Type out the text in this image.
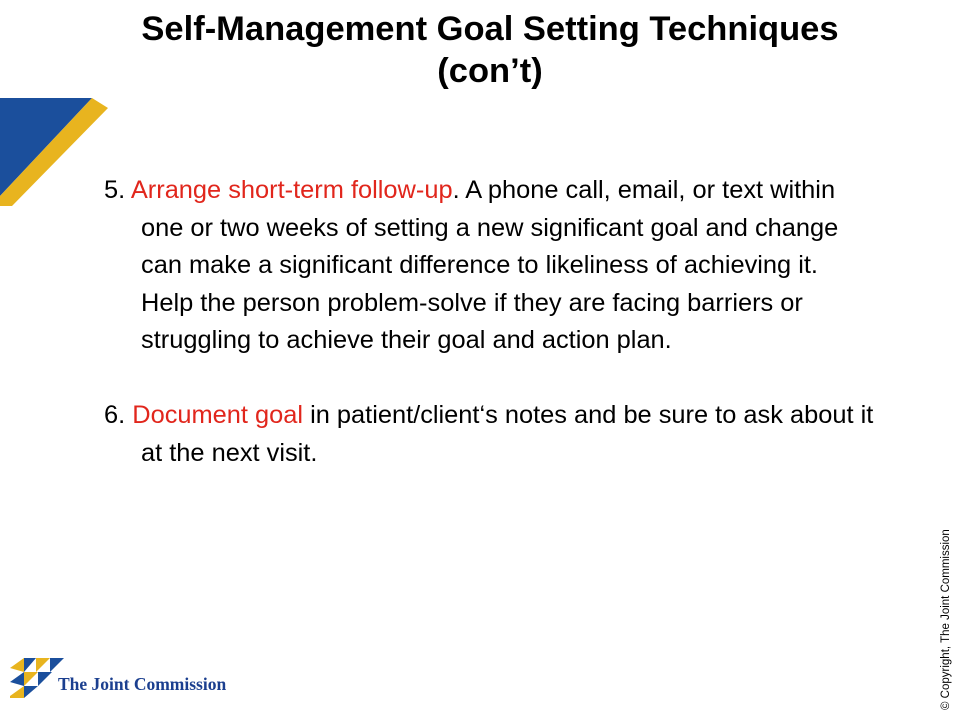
Self-Management Goal Setting Techniques
(con’t)

5. Arrange short-term follow-up. A phone call, email, or text within one or two weeks of setting a new significant goal and change can make a significant difference to likeliness of achieving it. Help the person problem-solve if they are facing barriers or struggling to achieve their goal and action plan.

6. Document goal in patient/client‘s notes and be sure to ask about it at the next visit.

© Copyright, The Joint Commission
The Joint Commission
